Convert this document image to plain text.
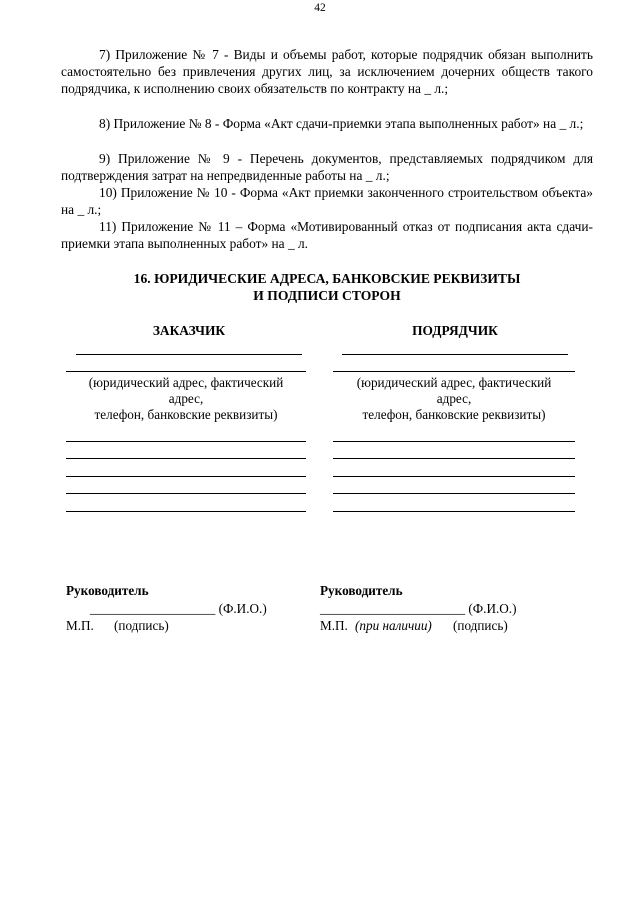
42

7) Приложение № 7 - Виды и объемы работ, которые подрядчик обязан выполнить самостоятельно без привлечения других лиц, за исключением дочерних обществ такого подрядчика, к исполнению своих обязательств по контракту на _ л.;

8) Приложение № 8 - Форма «Акт сдачи-приемки этапа выполненных работ» на _ л.;

9) Приложение № 9 - Перечень документов, представляемых подрядчиком для подтверждения затрат на непредвиденные работы на _ л.;

10) Приложение № 10 - Форма «Акт приемки законченного строительством объекта» на _ л.;

11) Приложение № 11 – Форма «Мотивированный отказ от подписания акта сдачи-приемки этапа выполненных работ» на _ л.

16. ЮРИДИЧЕСКИЕ АДРЕСА, БАНКОВСКИЕ РЕКВИЗИТЫ
И ПОДПИСИ СТОРОН
ЗАКАЗЧИК
(юридический адрес, фактический
адрес,
телефон, банковские реквизиты)
ПОДРЯДЧИК
(юридический адрес, фактический
адрес,
телефон, банковские реквизиты)
Руководитель
___________________ (Ф.И.О.)
М.П. (подпись)
Руководитель
______________________ (Ф.И.О.)
М.П. (при наличии) (подпись)
